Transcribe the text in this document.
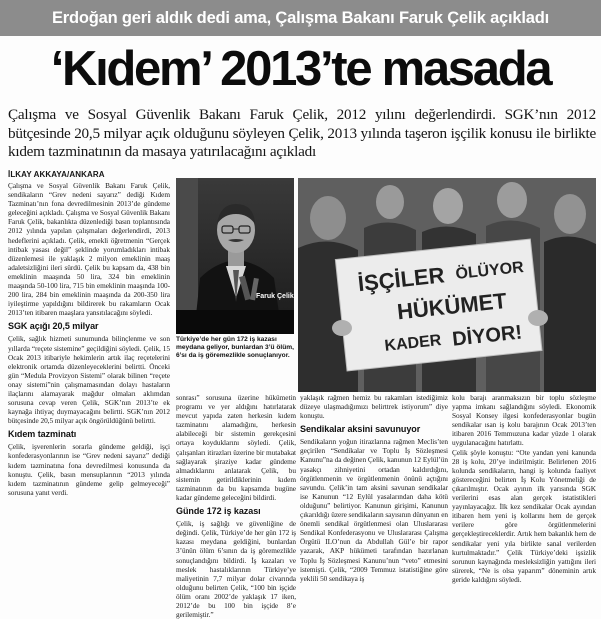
Erdoğan geri aldık dedi ama, Çalışma Bakanı Faruk Çelik açıkladı
‘Kıdem’ 2013’te masada
Çalışma ve Sosyal Güvenlik Bakanı Faruk Çelik, 2012 yılını değerlendirdi. SGK’nın 2012 bütçesinde 20,5 milyar açık olduğunu söyleyen Çelik, 2013 yılında taşeron işçilik konusu ile birlikte kıdem tazminatının da masaya yatırılacağını açıkladı
İLKAY AKKAYA/ANKARA

Çalışma ve Sosyal Güvenlik Bakanı Faruk Çelik, sendikaların “Grev nedeni sayarız” dediği Kıdem Tazminatı’nın fona devredilmesinin 2013’de gündeme geleceğini açıkladı. Çalışma ve Sosyal Güvenlik Bakanı Faruk Çelik, bakanlıkta düzenlediği basın toplantısında 2012 yılında yapılan çalışmaları değerlendirdi, 2013 hedeflerini açıkladı. Çelik, emekli öğretmenin “Gerçek intibak yasası değil” şeklinde yorumladıkları intibak düzenlemesi ile yaklaşık 2 milyon emeklinin maaş adaletsizliğini ileri sürdü. Çelik bu kapsam da, 438 bin emeklinin maaşında 50 lira, 324 bin emeklinin maaşında 50-100 lira, 715 bin emeklinin maaşında 100-200 lira, 284 bin emeklinin maaşında da 200-350 lira iyileştirme yapıldığını bildirerek bu rakamların Ocak 2013’ten itibaren maaşlara yansıtılacağını söyledi.

SGK açığı 20,5 milyar

Çelik, sağlık hizmeti sunumunda bilinçlenme ve son yıllarda “reçete sistemine” geçildiğini söyledi. Çelik, 15 Ocak 2013 itibariyle hekimlerin artık ilaç reçetelerini elektronik ortamda düzenleyeceklerini belirtti. Önceki gün “Medula Provizyon Sistemi” olarak bilinen “reçete onay sistemi”nin çalışmamasından dolayı hastaların ilaçlarını alamayarak mağdur olmaları aklımdan sorusuna cevap veren Çelik, SGK’nın 2013’te ek kaynağa ihtiyaç duymayacağını belirtti. SGK’nın 2012 bütçesinde 20,5 milyar açık öngörüldüğünü belirtti.

Kıdem tazminatı

Çelik, işverenlerin sorarla gündeme geldiği, işçi konfederasyonlarının ise “Grev nedeni sayarız” dediği kıdem tazminatına fona devredilmesi konusunda da konuştu. Çelik, basın mensuplarının “2013 yılında kıdem tazminatının gündeme gelip gelmeyeceği” sorusuna yanıt verdi.

Faruk Çelik
Türkiye’de her gün 172 iş kazası meydana geliyor, bunlardan 3’ü ölüm, 6’sı da iş göremezlikle sonuçlanıyor.
İŞÇİLER ÖLÜYOR
HÜKÜMET
KADER DİYOR!

sonrası” sorusuna üzerine hükümetin programı ve yer aldığını hatırlatarak mevcut yapıda zaten herkesin kıdem tazminatını alamadığını, herkesin alabileceği bir sistemin gerekçesini ortaya koyduklarını söyledi. Çelik, çalışanları itirazları üzerine bir mutabakat sağlayarak şiraziye kadar gündeme almadıklarını anlatarak Çelik, bu sistemin getirildiklerinin kıdem tazminatının da bu kapsamda bugüne kadar gündeme geleceğini bildirdi.

Günde 172 iş kazası

Çelik, iş sağlığı ve güvenliğine de değindi. Çelik, Türkiye’de her gün 172 iş kazası meydana geldiğini, bunlardan 3’ünün ölüm 6’sının da iş göremezlikle sonuçlandığını bildirdi. İş kazaları ve meslek hastalıklarının Türkiye’ye maliyetinin 7,7 milyar dolar civarında olduğunu belirten Çelik, “100 bin işçide ölüm oranı 2002’de yaklaşık 17 iken, 2012’de bu 100 bin işçide 8’e gerilemiştir.”

yaklaşık rağmen hemiz bu rakamları istediğimiz düzeye ulaşmadığımızı belirttrek istiyorum” diye konuştu.

Sendikalar aksini savunuyor

Sendikaların yoğun itirazlarına rağmen Meclis’ten geçirilen “Sendikalar ve Toplu İş Sözleşmesi Kanunu”na da değinen Çelik, kanunun 12 Eylül’ün yasakçı zihniyetini ortadan kaldırdığını, örgütlenmenin ve örgütlenmenin önünü açtığını savundu. Çelik’in tam aksini savunan sendikalar ise Kanunun “12 Eylül yasalarından daha kötü olduğunu” belirtiyor. Kanunun girişimi, Kanunun çıkarıldığı üzere sendikaların sayısının dünyanın en önemli sendikal örgütlenmesi olan Uluslararası Sendikal Konfederasyonu ve Uluslararası Çalışma Örgütü ILO’nun da Abdullah Gül’e bir rapor yazarak, AKP hükümeti tarafından hazırlanan Toplu İş Sözleşmesi Kanunu’nun “veto” etmesini istemişti. Çelik, “2009 Temmuz istatistiğine göre yeklili 50 sendikaya iş

kolu barajı aranmaksızın bir toplu sözleşme yapma imkanı sağlandığını söyledi. Ekonomik Sosyal Konsey ilgesi konfederasyonlar bugün sendikalar ısan iş kolu barajının Ocak 2013’ten itibaren 2016 Temmuzuna kadar yüzde 1 olarak uygulanacağını hatırlattı.

Çelik şöyle konuştu: “Ote yandan yeni kanunda 28 iş kolu, 20’ye indirilmiştir. Belirlenen 2016 kolunda sendikaların, hangi iş kolunda faaliyet göstereceğini belirten İş Kolu Yönetmeliği de çıkarılmıştır. Ocak ayının ilk yarısında SGK verilerini esas alan gerçek istatistikleri yayınlayacağız. İlk kez sendikalar Ocak ayından itibaren hem yeni iş kollarını hem de gerçek verilere göre örgütlenmelerini gerçekleştireceklerdir. Artık hem bakanlık hem de sendikalar yeni yıla birlikte sanal verilerden kurtulmaktadır.” Çelik Türkiye’deki işsizlik sorunun kaynağında mesleksizliğin yattığını ileri sürerek, “Ne is olsa yaparım” döneminin artık geride kaldığını söyledi.
